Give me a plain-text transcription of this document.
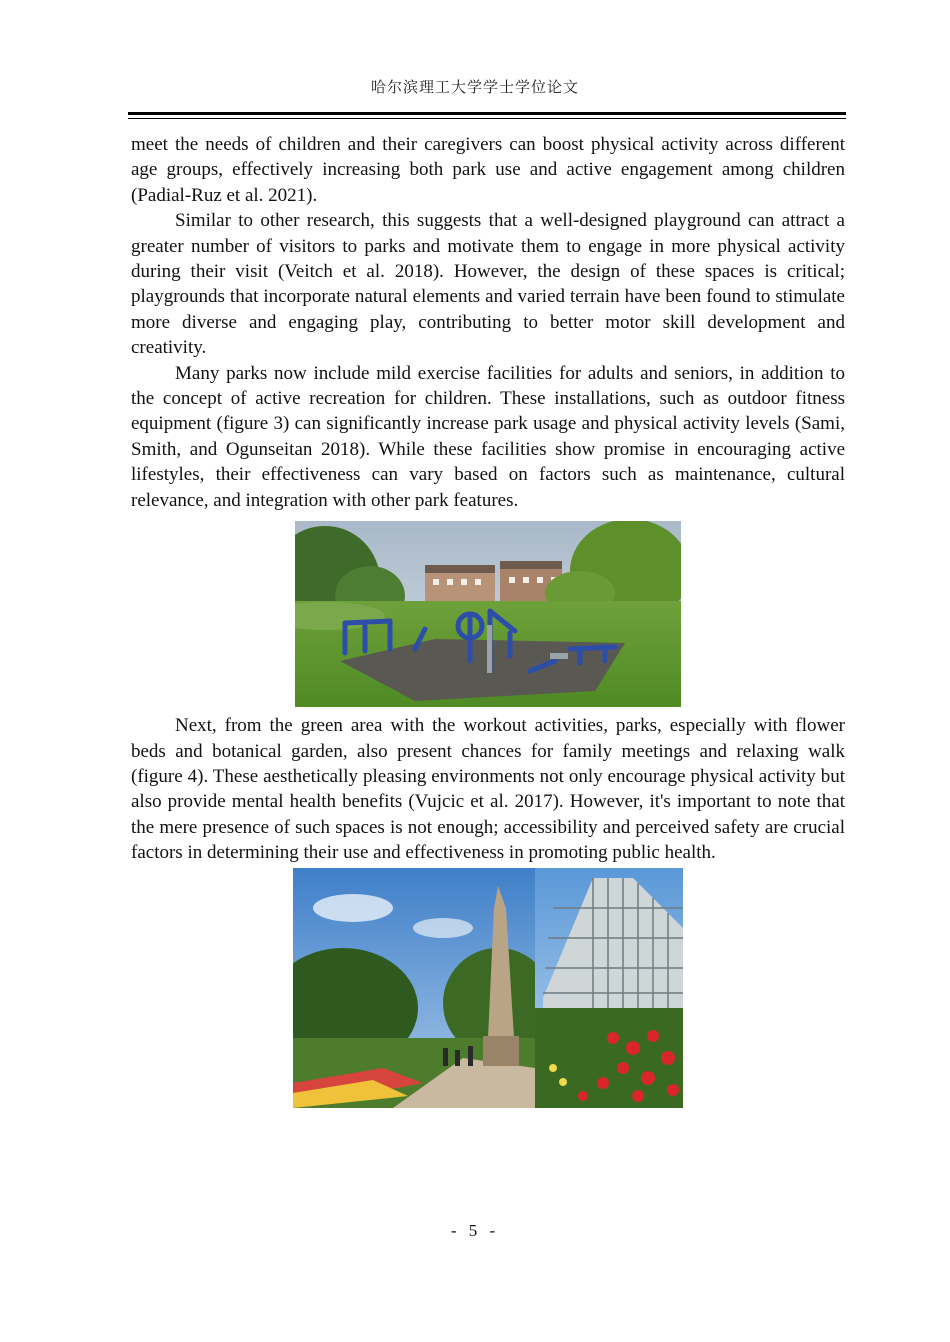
哈尔滨理工大学学士学位论文

meet the needs of children and their caregivers can boost physical activity across different age groups, effectively increasing both park use and active engagement among children (Padial-Ruz et al. 2021).

Similar to other research, this suggests that a well-designed playground can attract a greater number of visitors to parks and motivate them to engage in more physical activity during their visit (Veitch et al. 2018). However, the design of these spaces is critical; playgrounds that incorporate natural elements and varied terrain have been found to stimulate more diverse and engaging play, contributing to better motor skill development and creativity.

Many parks now include mild exercise facilities for adults and seniors, in addition to the concept of active recreation for children. These installations, such as outdoor fitness equipment (figure 3) can significantly increase park usage and physical activity levels (Sami, Smith, and Ogunseitan 2018). While these facilities show promise in encouraging active lifestyles, their effectiveness can vary based on factors such as maintenance, cultural relevance, and integration with other park features.

Next, from the green area with the workout activities, parks, especially with flower beds and botanical garden, also present chances for family meetings and relaxing walk (figure 4). These aesthetically pleasing environments not only encourage physical activity but also provide mental health benefits (Vujcic et al. 2017). However, it's important to note that the mere presence of such spaces is not enough; accessibility and perceived safety are crucial factors in determining their use and effectiveness in promoting public health.

- 5 -
